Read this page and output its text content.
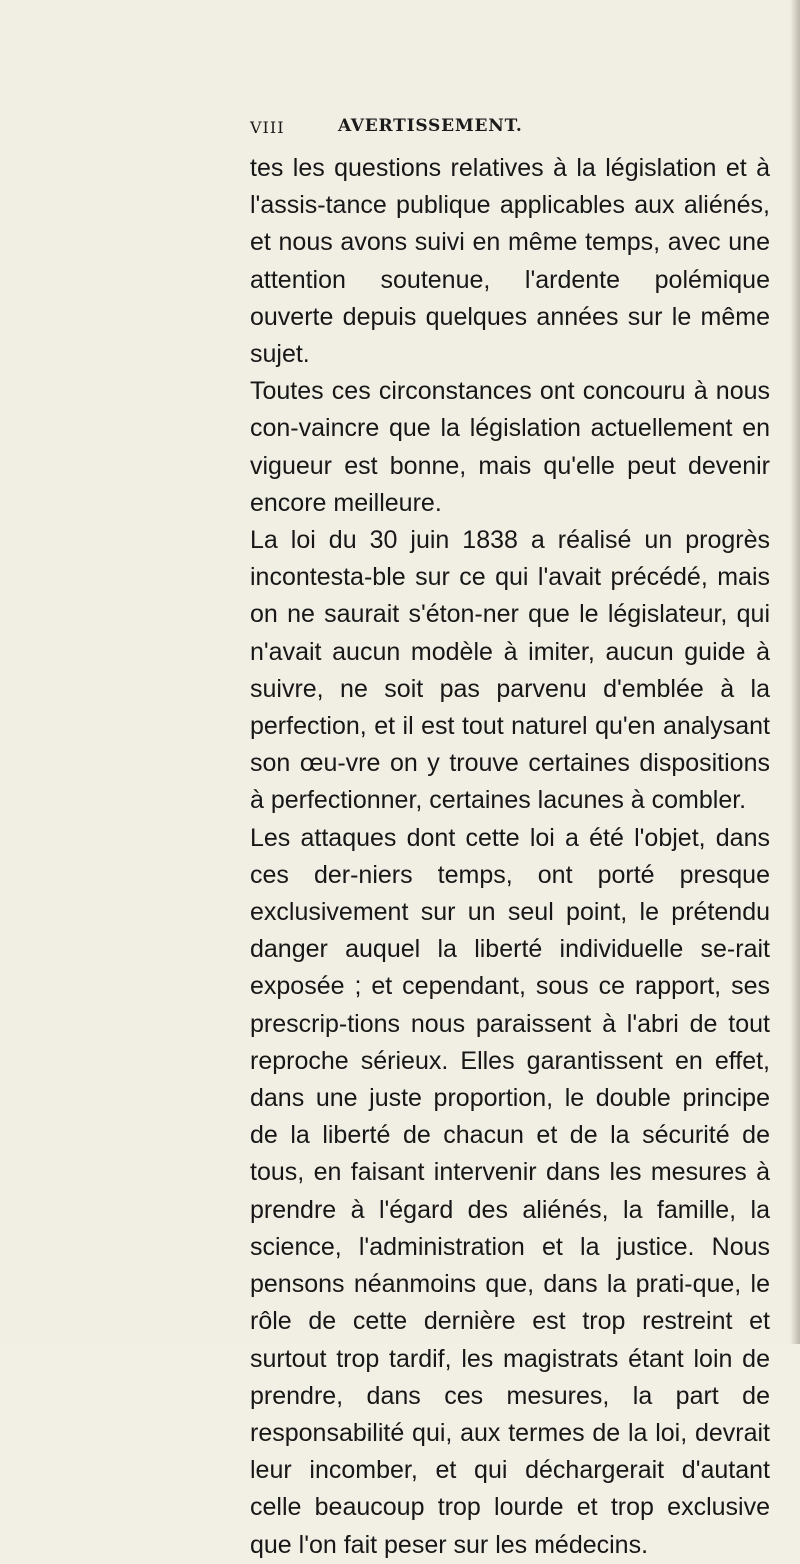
VIII	AVERTISSEMENT.

tes les questions relatives à la législation et à l'assis-tance publique applicables aux aliénés, et nous avons suivi en même temps, avec une attention soutenue, l'ardente polémique ouverte depuis quelques années sur le même sujet.

Toutes ces circonstances ont concouru à nous con-vaincre que la législation actuellement en vigueur est bonne, mais qu'elle peut devenir encore meilleure.

La loi du 30 juin 1838 a réalisé un progrès incontesta-ble sur ce qui l'avait précédé, mais on ne saurait s'éton-ner que le législateur, qui n'avait aucun modèle à imiter, aucun guide à suivre, ne soit pas parvenu d'emblée à la perfection, et il est tout naturel qu'en analysant son œu-vre on y trouve certaines dispositions à perfectionner, certaines lacunes à combler.

Les attaques dont cette loi a été l'objet, dans ces der-niers temps, ont porté presque exclusivement sur un seul point, le prétendu danger auquel la liberté individuelle se-rait exposée ; et cependant, sous ce rapport, ses prescrip-tions nous paraissent à l'abri de tout reproche sérieux. Elles garantissent en effet, dans une juste proportion, le double principe de la liberté de chacun et de la sécurité de tous, en faisant intervenir dans les mesures à prendre à l'égard des aliénés, la famille, la science, l'administration et la justice. Nous pensons néanmoins que, dans la prati-que, le rôle de cette dernière est trop restreint et surtout trop tardif, les magistrats étant loin de prendre, dans ces mesures, la part de responsabilité qui, aux termes de la loi, devrait leur incomber, et qui déchargerait d'autant celle beaucoup trop lourde et trop exclusive que l'on fait peser sur les médecins.
